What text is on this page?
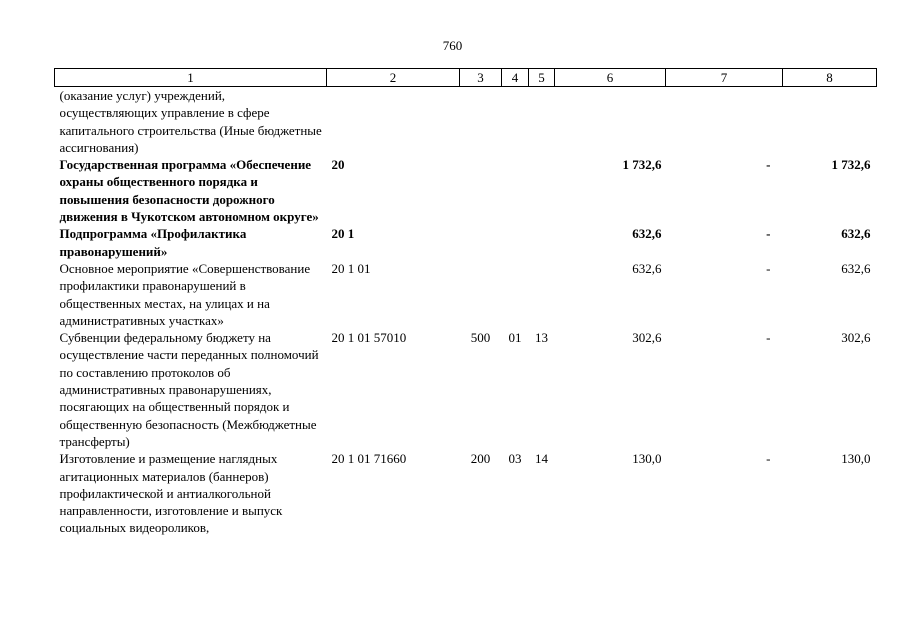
760
1	2	3	4	5	6	7	8
(оказание услуг) учреждений, осуществляющих управление в сфере капитального строительства (Иные бюджетные ассигнования)							
Государственная программа «Обеспечение охраны общественного порядка и повышения безопасности дорожного движения в Чукотском автономном округе»	20				1 732,6	-	1 732,6
Подпрограмма «Профилактика правонарушений»	20 1				632,6	-	632,6
Основное мероприятие «Совершенствование профилактики правонарушений в общественных местах, на улицах и на административных участках»	20 1 01				632,6	-	632,6
Субвенции федеральному бюджету на осуществление части переданных полномочий по составлению протоколов об административных правонарушениях, посягающих на общественный порядок и общественную безопасность (Межбюджетные трансферты)	20 1 01 57010	500	01	13	302,6	-	302,6
Изготовление и размещение наглядных агитационных материалов (баннеров) профилактической и антиалкогольной направленности, изготовление и выпуск социальных видеороликов,	20 1 01 71660	200	03	14	130,0	-	130,0
